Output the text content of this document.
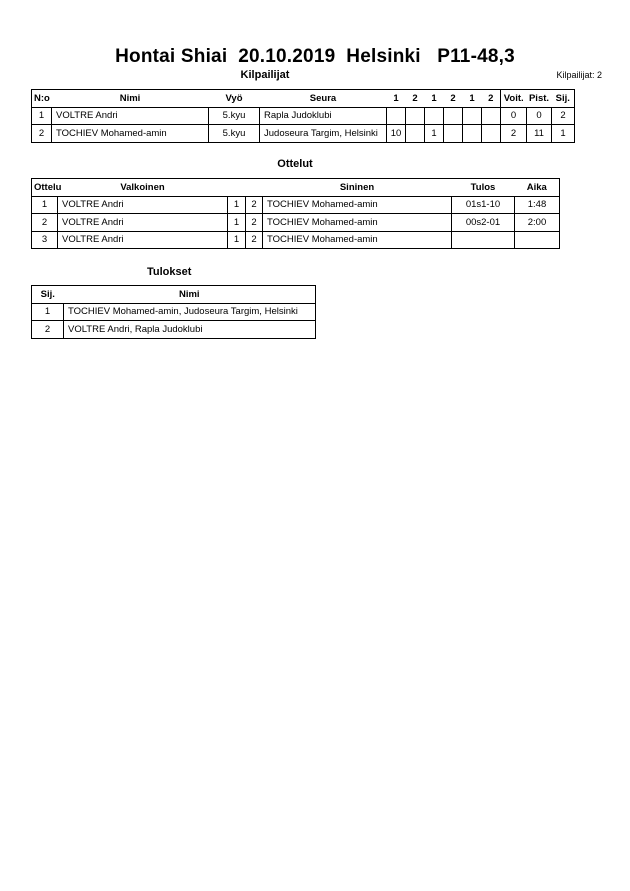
Hontai Shiai  20.10.2019  Helsinki   P11-48,3
Kilpailijat	Kilpailijat: 2
N:o	Nimi	Vyö	Seura	1	2	1	2	1	2	Voit.	Pist.	Sij.
1	VOLTRE Andri	5.kyu	Rapla Judoklubi							0	0	2
2	TOCHIEV Mohamed-amin	5.kyu	Judoseura Targim, Helsinki	10		1				2	11	1
Ottelut
Ottelu	Valkoinen			Sininen	Tulos	Aika
1	VOLTRE Andri	1	2	TOCHIEV Mohamed-amin	01s1-10	1:48
2	VOLTRE Andri	1	2	TOCHIEV Mohamed-amin	00s2-01	2:00
3	VOLTRE Andri	1	2	TOCHIEV Mohamed-amin		
Tulokset
Sij.	Nimi
1	TOCHIEV Mohamed-amin, Judoseura Targim, Helsinki
2	VOLTRE Andri, Rapla Judoklubi
